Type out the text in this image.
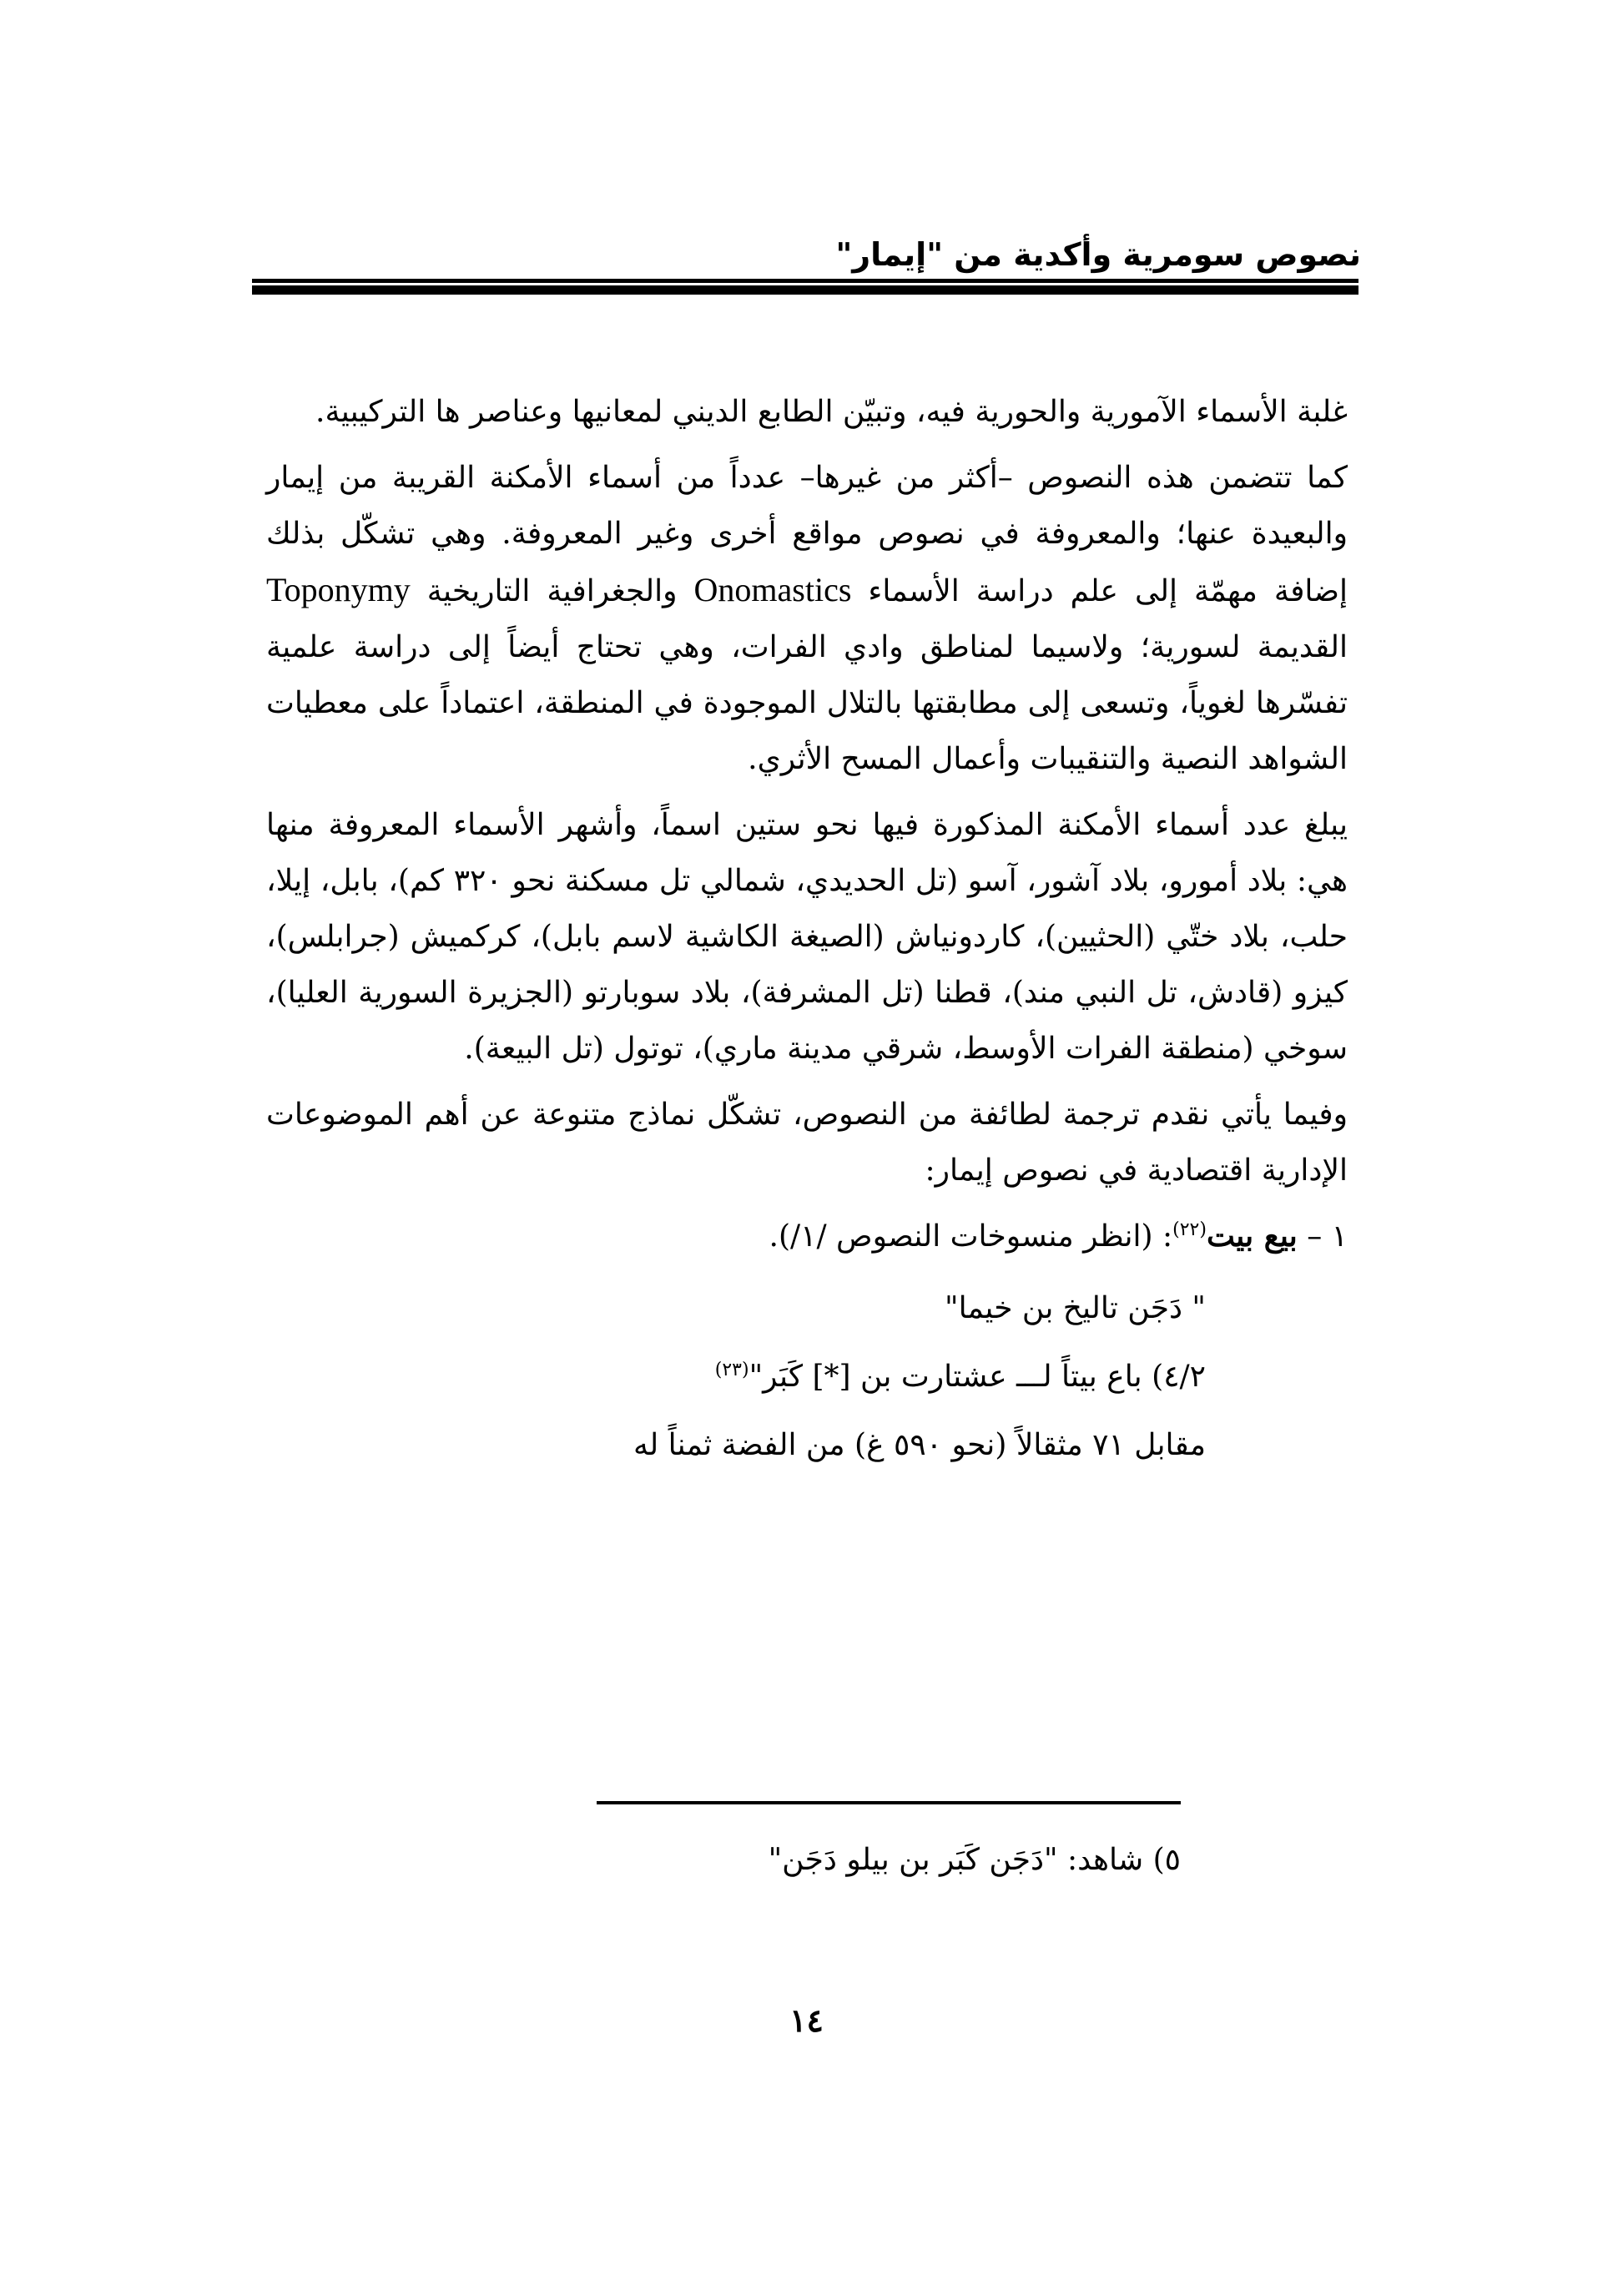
نصوص سومرية وأكدية من "إيمار"

غلبة الأسماء الآمورية والحورية فيه، وتبيّن الطابع الديني لمعانيها وعناصر ها التركيبية.

كما تتضمن هذه النصوص –أكثر من غيرها– عدداً من أسماء الأمكنة القريبة من إيمار والبعيدة عنها؛ والمعروفة في نصوص مواقع أخرى وغير المعروفة. وهي تشكّل بذلك إضافة مهمّة إلى علم دراسة الأسماء Onomastics والجغرافية التاريخية Toponymy القديمة لسورية؛ ولاسيما لمناطق وادي الفرات، وهي تحتاج أيضاً إلى دراسة علمية تفسّرها لغوياً، وتسعى إلى مطابقتها بالتلال الموجودة في المنطقة، اعتماداً على معطيات الشواهد النصية والتنقيبات وأعمال المسح الأثري.

يبلغ عدد أسماء الأمكنة المذكورة فيها نحو ستين اسماً، وأشهر الأسماء المعروفة منها هي: بلاد أمورو، بلاد آشور، آسو (تل الحديدي، شمالي تل مسكنة نحو ٣٢٠ كم)، بابل، إيلا، حلب، بلاد ختّي (الحثيين)، كاردونياش (الصيغة الكاشية لاسم بابل)، كركميش (جرابلس)، كيزو (قادش، تل النبي مند)، قطنا (تل المشرفة)، بلاد سوبارتو (الجزيرة السورية العليا)، سوخي (منطقة الفرات الأوسط، شرقي مدينة ماري)، توتول (تل البيعة).

وفيما يأتي نقدم ترجمة لطائفة من النصوص، تشكّل نماذج متنوعة عن أهم الموضوعات الإدارية اقتصادية في نصوص إيمار:

١ – بيع بيت$^{(٢٢)}$: (انظر منسوخات النصوص /١/).

" دَجَن تاليخ بن خيما"

٤/٢) باع بيتاً لـــ عشتارت بن [*] كَبَر"$^{(٢٣)}$

مقابل ٧١ مثقالاً (نحو ٥٩٠ غ) من الفضة ثمناً له

٥) شاهد: "دَجَن كَبَر بن بيلو دَجَن"
١٤
